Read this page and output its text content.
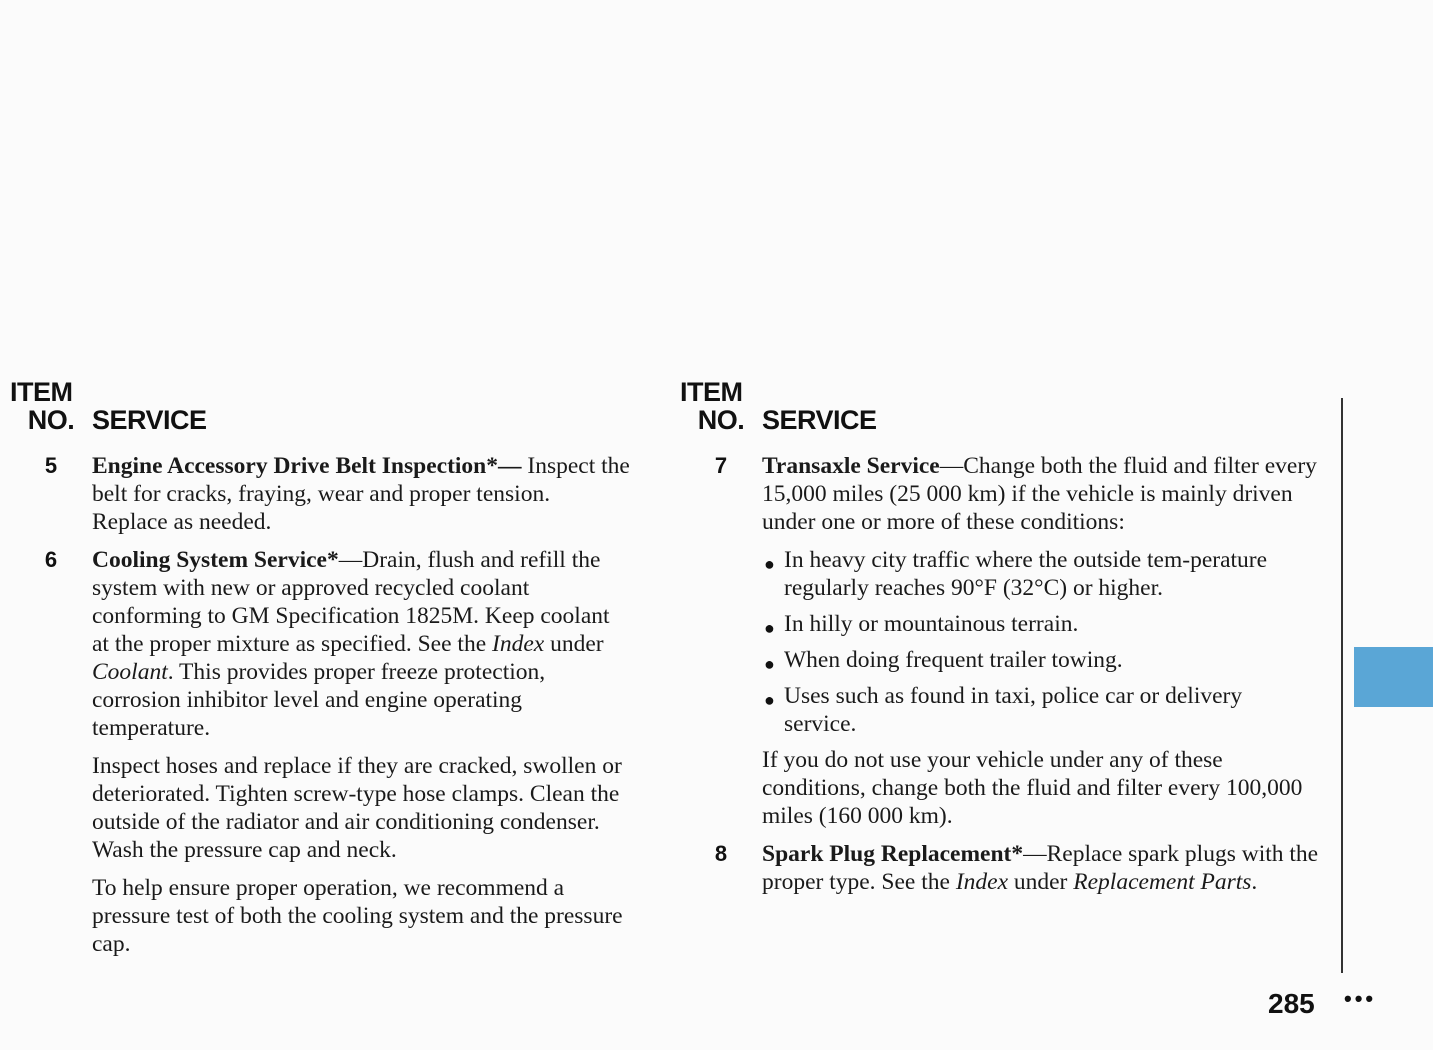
ITEM
NO. SERVICE
5	Engine Accessory Drive Belt Inspection*— Inspect the belt for cracks, fraying, wear and proper tension. Replace as needed.

6	Cooling System Service*—Drain, flush and refill the system with new or approved recycled coolant conforming to GM Specification 1825M. Keep coolant at the proper mixture as specified. See the Index under Coolant. This provides proper freeze protection, corrosion inhibitor level and engine operating temperature.

Inspect hoses and replace if they are cracked, swollen or deteriorated. Tighten screw-type hose clamps. Clean the outside of the radiator and air conditioning condenser. Wash the pressure cap and neck.

To help ensure proper operation, we recommend a pressure test of both the cooling system and the pressure cap.

ITEM
NO. SERVICE
7	Transaxle Service—Change both the fluid and filter every 15,000 miles (25 000 km) if the vehicle is mainly driven under one or more of these conditions:

● In heavy city traffic where the outside tem-perature regularly reaches 90°F (32°C) or higher.
● In hilly or mountainous terrain.
● When doing frequent trailer towing.
● Uses such as found in taxi, police car or delivery service.

If you do not use your vehicle under any of these conditions, change both the fluid and filter every 100,000 miles (160 000 km).

8	Spark Plug Replacement*—Replace spark plugs with the proper type. See the Index under Replacement Parts.

285 •••
